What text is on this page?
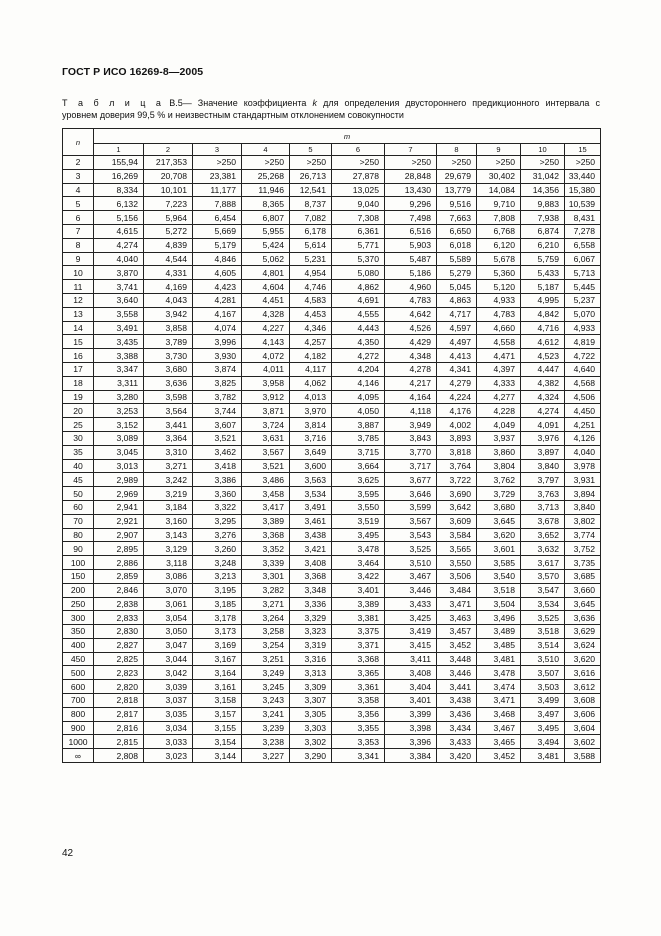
ГОСТ Р ИСО 16269-8—2005
Т а б л и ц а В.5— Значение коэффициента k для определения двустороннего предикционного интервала с
уровнем доверия 99,5 % и неизвестным стандартным отклонением совокупности
n	m										
	1	2	3	4	5	6	7	8	9	10	15
2	155,94	217,353	>250	>250	>250	>250	>250	>250	>250	>250	>250
3	16,269	20,708	23,381	25,268	26,713	27,878	28,848	29,679	30,402	31,042	33,440
4	8,334	10,101	11,177	11,946	12,541	13,025	13,430	13,779	14,084	14,356	15,380
5	6,132	7,223	7,888	8,365	8,737	9,040	9,296	9,516	9,710	9,883	10,539
6	5,156	5,964	6,454	6,807	7,082	7,308	7,498	7,663	7,808	7,938	8,431
7	4,615	5,272	5,669	5,955	6,178	6,361	6,516	6,650	6,768	6,874	7,278
8	4,274	4,839	5,179	5,424	5,614	5,771	5,903	6,018	6,120	6,210	6,558
9	4,040	4,544	4,846	5,062	5,231	5,370	5,487	5,589	5,678	5,759	6,067
10	3,870	4,331	4,605	4,801	4,954	5,080	5,186	5,279	5,360	5,433	5,713
11	3,741	4,169	4,423	4,604	4,746	4,862	4,960	5,045	5,120	5,187	5,445
12	3,640	4,043	4,281	4,451	4,583	4,691	4,783	4,863	4,933	4,995	5,237
13	3,558	3,942	4,167	4,328	4,453	4,555	4,642	4,717	4,783	4,842	5,070
14	3,491	3,858	4,074	4,227	4,346	4,443	4,526	4,597	4,660	4,716	4,933
15	3,435	3,789	3,996	4,143	4,257	4,350	4,429	4,497	4,558	4,612	4,819
16	3,388	3,730	3,930	4,072	4,182	4,272	4,348	4,413	4,471	4,523	4,722
17	3,347	3,680	3,874	4,011	4,117	4,204	4,278	4,341	4,397	4,447	4,640
18	3,311	3,636	3,825	3,958	4,062	4,146	4,217	4,279	4,333	4,382	4,568
19	3,280	3,598	3,782	3,912	4,013	4,095	4,164	4,224	4,277	4,324	4,506
20	3,253	3,564	3,744	3,871	3,970	4,050	4,118	4,176	4,228	4,274	4,450
25	3,152	3,441	3,607	3,724	3,814	3,887	3,949	4,002	4,049	4,091	4,251
30	3,089	3,364	3,521	3,631	3,716	3,785	3,843	3,893	3,937	3,976	4,126
35	3,045	3,310	3,462	3,567	3,649	3,715	3,770	3,818	3,860	3,897	4,040
40	3,013	3,271	3,418	3,521	3,600	3,664	3,717	3,764	3,804	3,840	3,978
45	2,989	3,242	3,386	3,486	3,563	3,625	3,677	3,722	3,762	3,797	3,931
50	2,969	3,219	3,360	3,458	3,534	3,595	3,646	3,690	3,729	3,763	3,894
60	2,941	3,184	3,322	3,417	3,491	3,550	3,599	3,642	3,680	3,713	3,840
70	2,921	3,160	3,295	3,389	3,461	3,519	3,567	3,609	3,645	3,678	3,802
80	2,907	3,143	3,276	3,368	3,438	3,495	3,543	3,584	3,620	3,652	3,774
90	2,895	3,129	3,260	3,352	3,421	3,478	3,525	3,565	3,601	3,632	3,752
100	2,886	3,118	3,248	3,339	3,408	3,464	3,510	3,550	3,585	3,617	3,735
150	2,859	3,086	3,213	3,301	3,368	3,422	3,467	3,506	3,540	3,570	3,685
200	2,846	3,070	3,195	3,282	3,348	3,401	3,446	3,484	3,518	3,547	3,660
250	2,838	3,061	3,185	3,271	3,336	3,389	3,433	3,471	3,504	3,534	3,645
300	2,833	3,054	3,178	3,264	3,329	3,381	3,425	3,463	3,496	3,525	3,636
350	2,830	3,050	3,173	3,258	3,323	3,375	3,419	3,457	3,489	3,518	3,629
400	2,827	3,047	3,169	3,254	3,319	3,371	3,415	3,452	3,485	3,514	3,624
450	2,825	3,044	3,167	3,251	3,316	3,368	3,411	3,448	3,481	3,510	3,620
500	2,823	3,042	3,164	3,249	3,313	3,365	3,408	3,446	3,478	3,507	3,616
600	2,820	3,039	3,161	3,245	3,309	3,361	3,404	3,441	3,474	3,503	3,612
700	2,818	3,037	3,158	3,243	3,307	3,358	3,401	3,438	3,471	3,499	3,608
800	2,817	3,035	3,157	3,241	3,305	3,356	3,399	3,436	3,468	3,497	3,606
900	2,816	3,034	3,155	3,239	3,303	3,355	3,398	3,434	3,467	3,495	3,604
1000	2,815	3,033	3,154	3,238	3,302	3,353	3,396	3,433	3,465	3,494	3,602
∞	2,808	3,023	3,144	3,227	3,290	3,341	3,384	3,420	3,452	3,481	3,588
42
